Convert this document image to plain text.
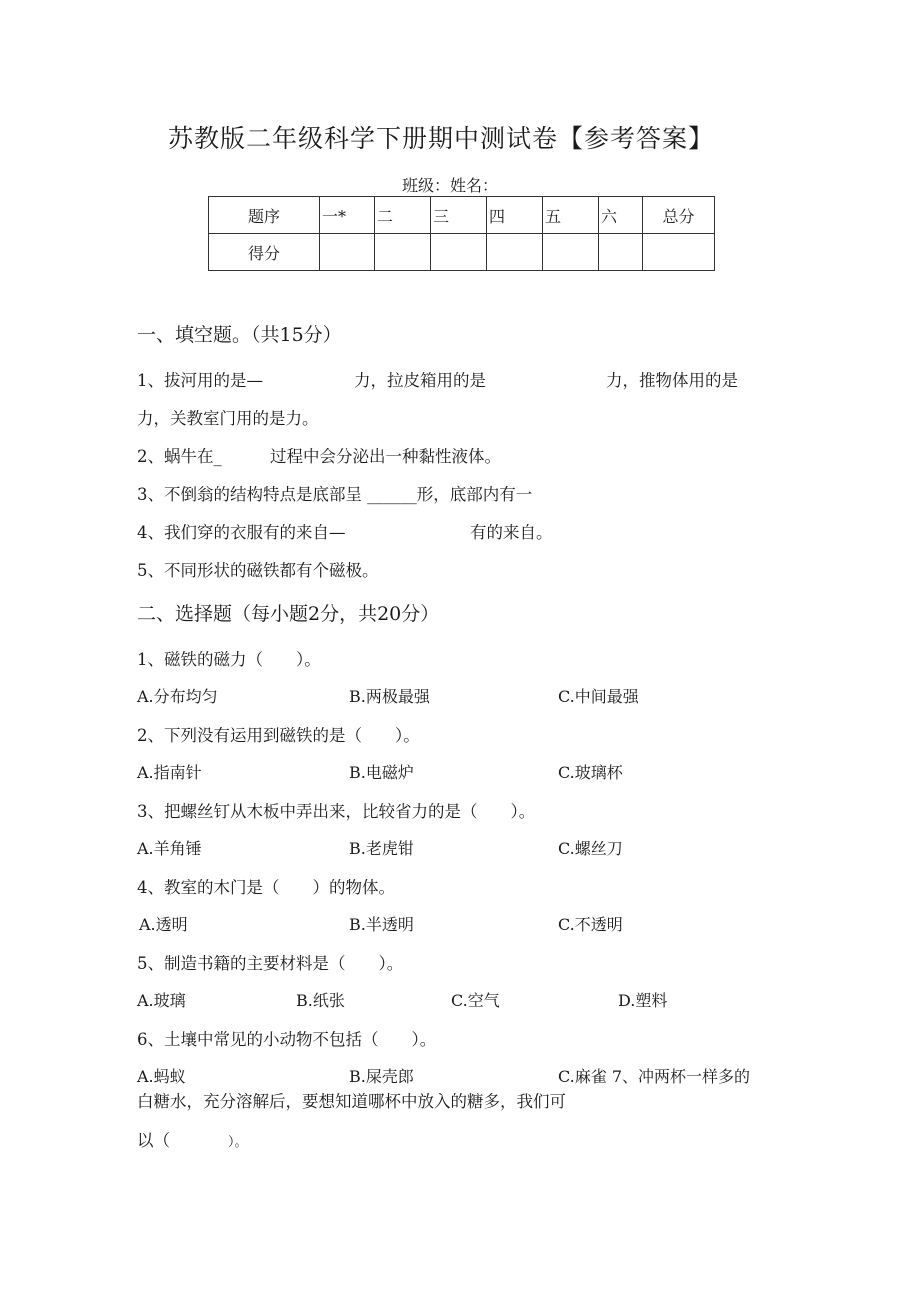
苏教版二年级科学下册期中测试卷【参考答案】
班级：姓名：
题序	一*	二	三	四	五	六	总分
得分							
一、填空题。（共15分）
1、拔河用的是—	力，拉皮箱用的是	力，推物体用的是
力，关教室门用的是力。
2、蜗牛在_	过程中会分泌出一种黏性液体。
3、不倒翁的结构特点是底部呈 ______形，底部内有一
4、我们穿的衣服有的来自—	有的来自。
5、不同形状的磁铁都有个磁极。
二、选择题（每小题2分，共20分）
1、磁铁的磁力（　　）。
A.分布均匀	B.两极最强	C.中间最强
2、下列没有运用到磁铁的是（　　）。
A.指南针	B.电磁炉	C.玻璃杯
3、把螺丝钉从木板中弄出来，比较省力的是（　　）。
A.羊角锤	B.老虎钳	C.螺丝刀
4、教室的木门是（　　）的物体。
A.透明	B.半透明	C.不透明
5、制造书籍的主要材料是（　　）。
A.玻璃	B.纸张	C.空气	D.塑料
6、土壤中常见的小动物不包括（　　）。
A.蚂蚁	B.屎壳郎	C.麻雀 7、冲两杯一样多的
白糖水，充分溶解后，要想知道哪杯中放入的糖多，我们可
以（	）。
